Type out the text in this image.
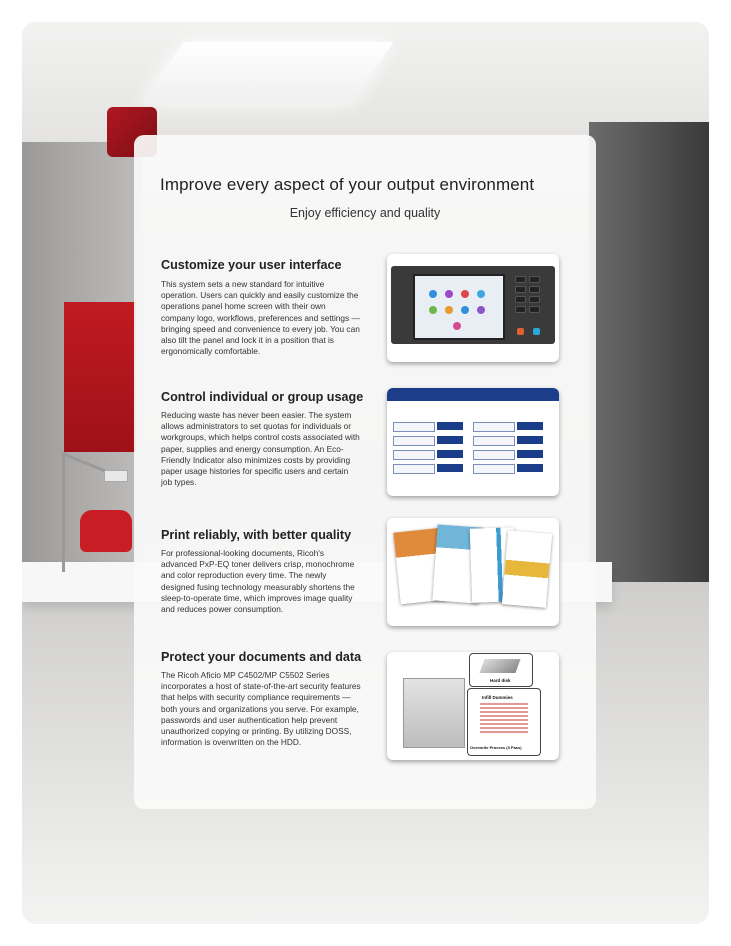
Improve every aspect of your output environment
Enjoy efficiency and quality
Customize your user interface
This system sets a new standard for intuitive operation. Users can quickly and easily customize the operations panel home screen with their own company logo, workflows, preferences and settings — bringing speed and convenience to every job. You can also tilt the panel and lock it in a position that is ergonomically comfortable.
Control individual or group usage
Reducing waste has never been easier. The system allows administrators to set quotas for individuals or workgroups, which helps control costs associated with paper, supplies and energy consumption. An Eco-Friendly Indicator also minimizes costs by providing paper usage histories for specific users and certain job types.
Print reliably, with better quality
For professional-looking documents, Ricoh's advanced PxP-EQ toner delivers crisp, monochrome and color reproduction every time. The newly designed fusing technology measurably shortens the sleep-to-operate time, which improves image quality and reduces power consumption.
Protect your documents and data
The Ricoh Aficio MP C4502/MP C5502 Series incorporates a host of state-of-the-art security features that helps with security compliance requirements — both yours and organizations you serve. For example, passwords and user authentication help prevent unauthorized copying or printing. By utilizing DOSS, information is overwritten on the HDD.
Hard disk
Infill Dummies
Overwrite Process (3 Pass)
